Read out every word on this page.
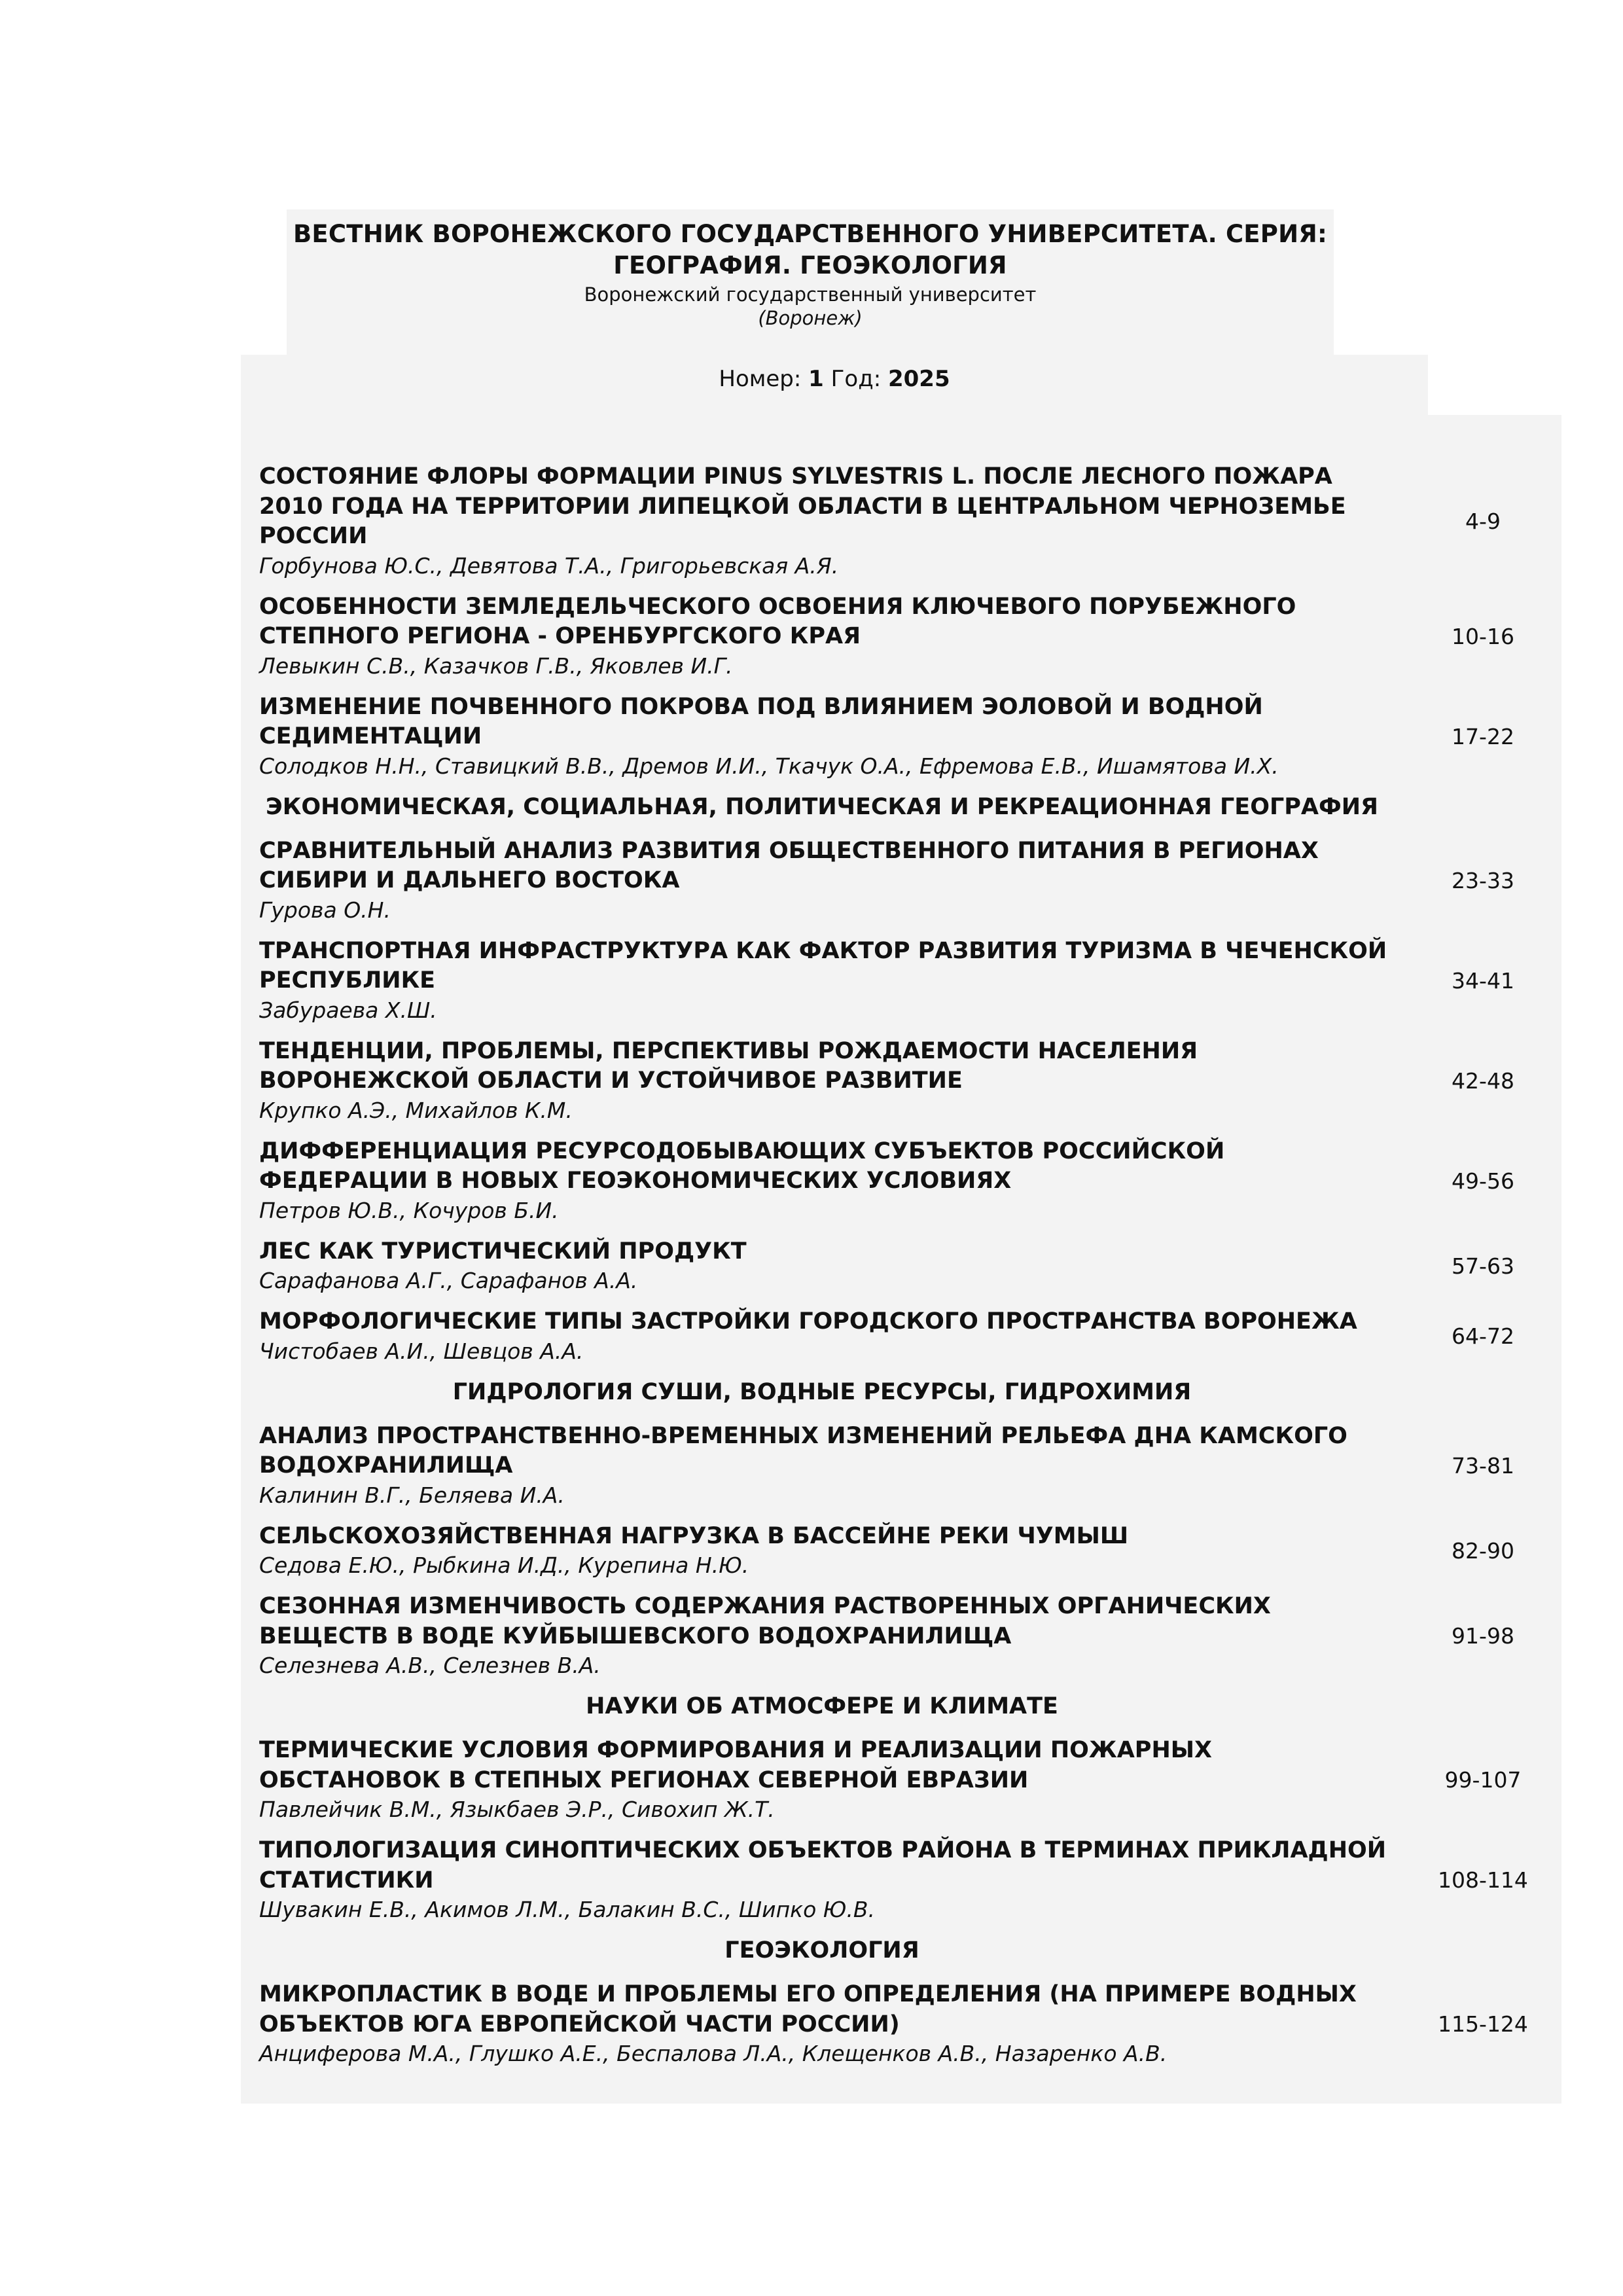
ВЕСТНИК ВОРОНЕЖСКОГО ГОСУДАРСТВЕННОГО УНИВЕРСИТЕТА. СЕРИЯ: ГЕОГРАФИЯ. ГЕОЭКОЛОГИЯ
Воронежский государственный университет
(Воронеж)
Номер: 1 Год: 2025
СОСТОЯНИЕ ФЛОРЫ ФОРМАЦИИ PINUS SYLVESTRIS L. ПОСЛЕ ЛЕСНОГО ПОЖАРА 2010 ГОДА НА ТЕРРИТОРИИ ЛИПЕЦКОЙ ОБЛАСТИ В ЦЕНТРАЛЬНОМ ЧЕРНОЗЕМЬЕ РОССИИ
Горбунова Ю.С., Девятова Т.А., Григорьевская А.Я.
4-9
ОСОБЕННОСТИ ЗЕМЛЕДЕЛЬЧЕСКОГО ОСВОЕНИЯ КЛЮЧЕВОГО ПОРУБЕЖНОГО СТЕПНОГО РЕГИОНА - ОРЕНБУРГСКОГО КРАЯ
Левыкин С.В., Казачков Г.В., Яковлев И.Г.
10-16
ИЗМЕНЕНИЕ ПОЧВЕННОГО ПОКРОВА ПОД ВЛИЯНИЕМ ЭОЛОВОЙ И ВОДНОЙ СЕДИМЕНТАЦИИ
Солодков Н.Н., Ставицкий В.В., Дремов И.И., Ткачук О.А., Ефремова Е.В., Ишамятова И.Х.
17-22
ЭКОНОМИЧЕСКАЯ, СОЦИАЛЬНАЯ, ПОЛИТИЧЕСКАЯ И РЕКРЕАЦИОННАЯ ГЕОГРАФИЯ
СРАВНИТЕЛЬНЫЙ АНАЛИЗ РАЗВИТИЯ ОБЩЕСТВЕННОГО ПИТАНИЯ В РЕГИОНАХ СИБИРИ И ДАЛЬНЕГО ВОСТОКА
Гурова О.Н.
23-33
ТРАНСПОРТНАЯ ИНФРАСТРУКТУРА КАК ФАКТОР РАЗВИТИЯ ТУРИЗМА В ЧЕЧЕНСКОЙ РЕСПУБЛИКЕ
Забураева Х.Ш.
34-41
ТЕНДЕНЦИИ, ПРОБЛЕМЫ, ПЕРСПЕКТИВЫ РОЖДАЕМОСТИ НАСЕЛЕНИЯ ВОРОНЕЖСКОЙ ОБЛАСТИ И УСТОЙЧИВОЕ РАЗВИТИЕ
Крупко А.Э., Михайлов К.М.
42-48
ДИФФЕРЕНЦИАЦИЯ РЕСУРСОДОБЫВАЮЩИХ СУБЪЕКТОВ РОССИЙСКОЙ ФЕДЕРАЦИИ В НОВЫХ ГЕОЭКОНОМИЧЕСКИХ УСЛОВИЯХ
Петров Ю.В., Кочуров Б.И.
49-56
ЛЕС КАК ТУРИСТИЧЕСКИЙ ПРОДУКТ
Сарафанова А.Г., Сарафанов А.А.
57-63
МОРФОЛОГИЧЕСКИЕ ТИПЫ ЗАСТРОЙКИ ГОРОДСКОГО ПРОСТРАНСТВА ВОРОНЕЖА
Чистобаев А.И., Шевцов А.А.
64-72
ГИДРОЛОГИЯ СУШИ, ВОДНЫЕ РЕСУРСЫ, ГИДРОХИМИЯ
АНАЛИЗ ПРОСТРАНСТВЕННО-ВРЕМЕННЫХ ИЗМЕНЕНИЙ РЕЛЬЕФА ДНА КАМСКОГО ВОДОХРАНИЛИЩА
Калинин В.Г., Беляева И.А.
73-81
СЕЛЬСКОХОЗЯЙСТВЕННАЯ НАГРУЗКА В БАССЕЙНЕ РЕКИ ЧУМЫШ
Седова Е.Ю., Рыбкина И.Д., Курепина Н.Ю.
82-90
СЕЗОННАЯ ИЗМЕНЧИВОСТЬ СОДЕРЖАНИЯ РАСТВОРЕННЫХ ОРГАНИЧЕСКИХ ВЕЩЕСТВ В ВОДЕ КУЙБЫШЕВСКОГО ВОДОХРАНИЛИЩА
Селезнева А.В., Селезнев В.А.
91-98
НАУКИ ОБ АТМОСФЕРЕ И КЛИМАТЕ
ТЕРМИЧЕСКИЕ УСЛОВИЯ ФОРМИРОВАНИЯ И РЕАЛИЗАЦИИ ПОЖАРНЫХ ОБСТАНОВОК В СТЕПНЫХ РЕГИОНАХ СЕВЕРНОЙ ЕВРАЗИИ
Павлейчик В.М., Языкбаев Э.Р., Сивохип Ж.Т.
99-107
ТИПОЛОГИЗАЦИЯ СИНОПТИЧЕСКИХ ОБЪЕКТОВ РАЙОНА В ТЕРМИНАХ ПРИКЛАДНОЙ СТАТИСТИКИ
Шувакин Е.В., Акимов Л.М., Балакин В.С., Шипко Ю.В.
108-114
ГЕОЭКОЛОГИЯ
МИКРОПЛАСТИК В ВОДЕ И ПРОБЛЕМЫ ЕГО ОПРЕДЕЛЕНИЯ (НА ПРИМЕРЕ ВОДНЫХ ОБЪЕКТОВ ЮГА ЕВРОПЕЙСКОЙ ЧАСТИ РОССИИ)
Анциферова М.А., Глушко А.Е., Беспалова Л.А., Клещенков А.В., Назаренко А.В.
115-124
